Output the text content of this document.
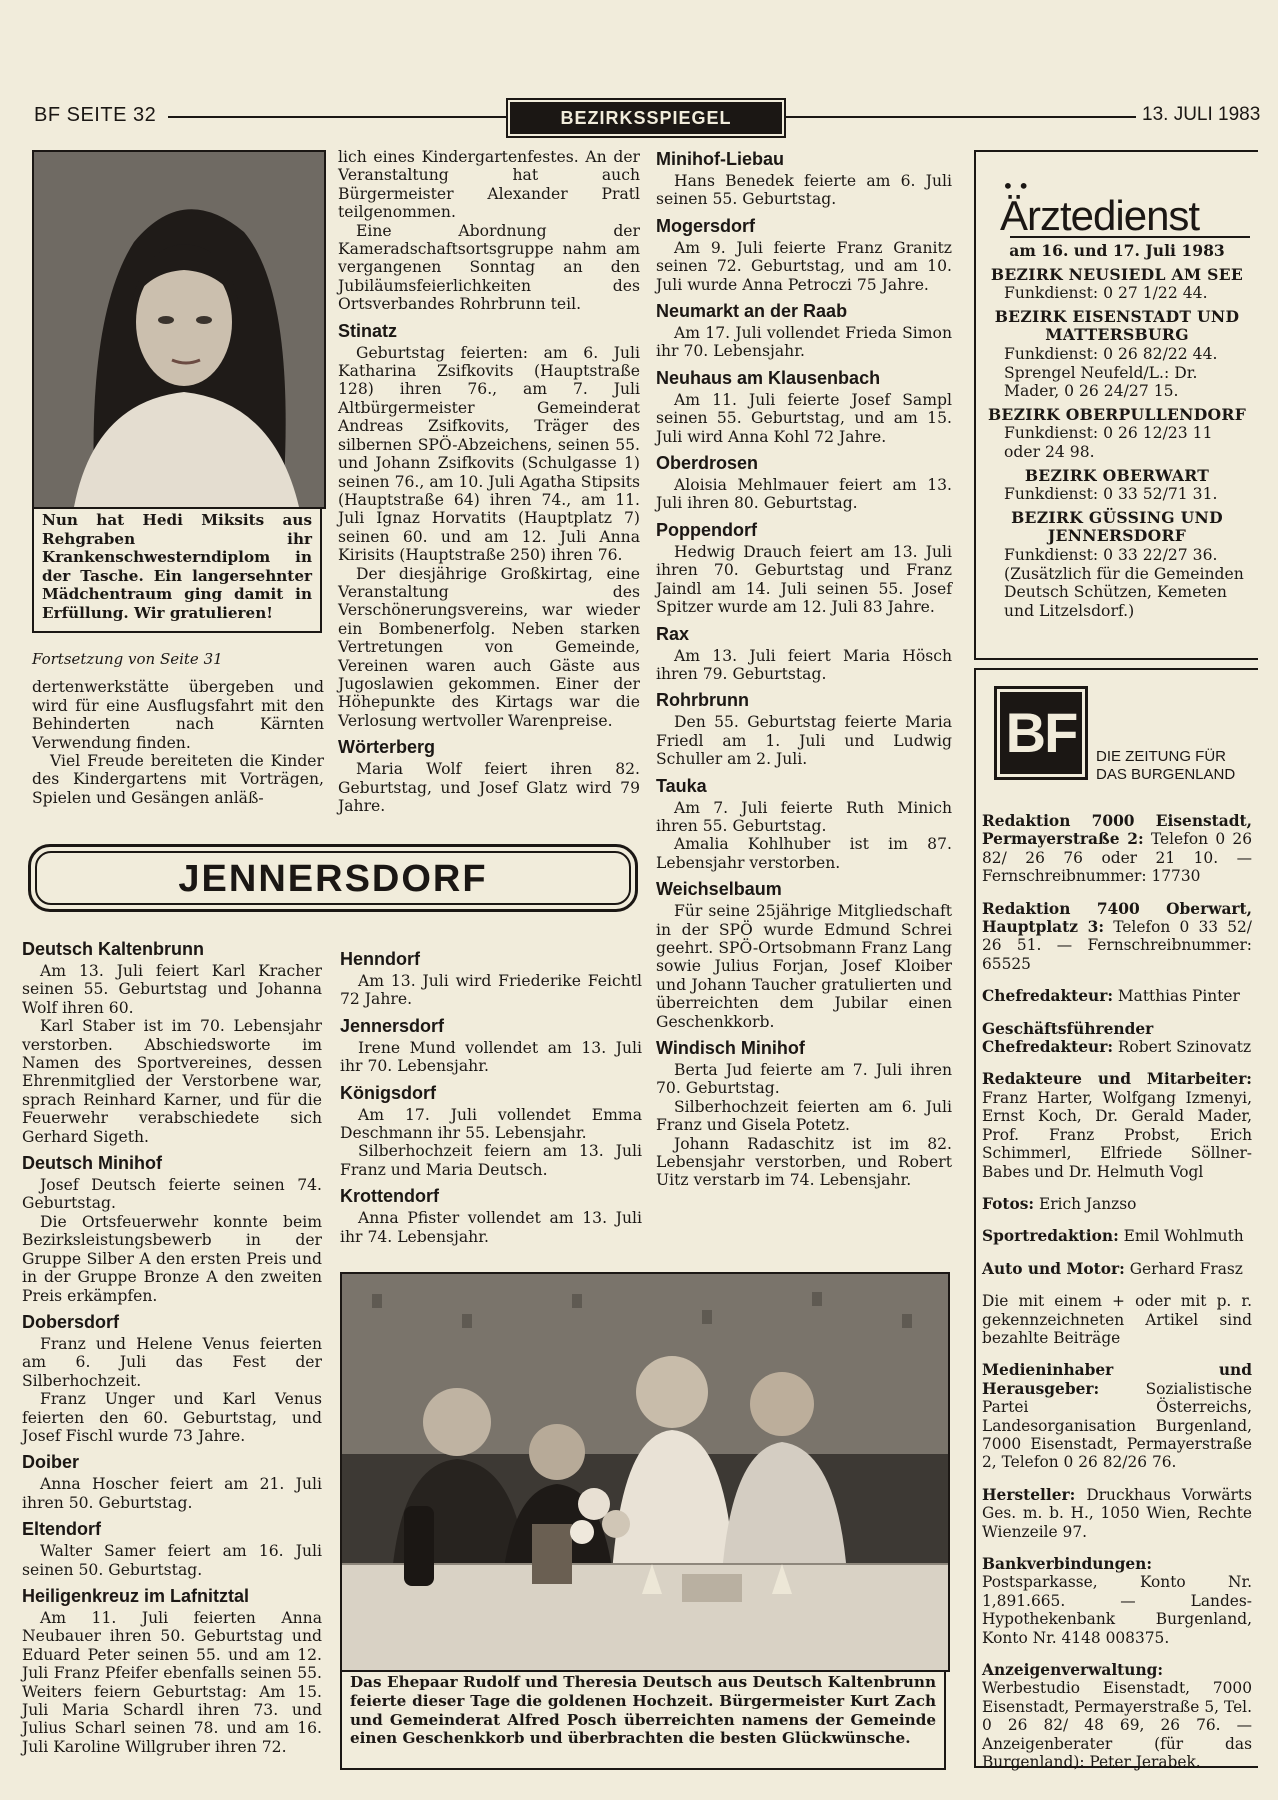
BF SEITE 32	BEZIRKSSPIEGEL	13. JULI 1983
Nun hat Hedi Miksits aus Rehgraben ihr Krankenschwesterndiplom in der Tasche. Ein langersehnter Mädchentraum ging damit in Erfüllung. Wir gratulieren!
Fortsetzung von Seite 31

dertenwerkstätte übergeben und wird für eine Ausflugsfahrt mit den Behinderten nach Kärnten Verwendung finden.

Viel Freude bereiteten die Kinder des Kindergartens mit Vorträgen, Spielen und Gesängen anläß-

lich eines Kindergartenfestes. An der Veranstaltung hat auch Bürgermeister Alexander Pratl teilgenommen.

Eine Abordnung der Kameradschaftsortsgruppe nahm am vergangenen Sonntag an den Jubiläumsfeierlichkeiten des Ortsverbandes Rohrbrunn teil.

Stinatz

Geburtstag feierten: am 6. Juli Katharina Zsifkovits (Hauptstraße 128) ihren 76., am 7. Juli Altbürgermeister Gemeinderat Andreas Zsifkovits, Träger des silbernen SPÖ-Abzeichens, seinen 55. und Johann Zsifkovits (Schulgasse 1) seinen 76., am 10. Juli Agatha Stipsits (Hauptstraße 64) ihren 74., am 11. Juli Ignaz Horvatits (Hauptplatz 7) seinen 60. und am 12. Juli Anna Kirisits (Hauptstraße 250) ihren 76.

Der diesjährige Großkirtag, eine Veranstaltung des Verschönerungsvereins, war wieder ein Bombenerfolg. Neben starken Vertretungen von Gemeinde, Vereinen waren auch Gäste aus Jugoslawien gekommen. Einer der Höhepunkte des Kirtags war die Verlosung wertvoller Warenpreise.

Wörterberg

Maria Wolf feiert ihren 82. Geburtstag, und Josef Glatz wird 79 Jahre.

Minihof-Liebau

Hans Benedek feierte am 6. Juli seinen 55. Geburtstag.

Mogersdorf

Am 9. Juli feierte Franz Granitz seinen 72. Geburtstag, und am 10. Juli wurde Anna Petroczi 75 Jahre.

Neumarkt an der Raab

Am 17. Juli vollendet Frieda Simon ihr 70. Lebensjahr.

Neuhaus am Klausenbach

Am 11. Juli feierte Josef Sampl seinen 55. Geburtstag, und am 15. Juli wird Anna Kohl 72 Jahre.

Oberdrosen

Aloisia Mehlmauer feiert am 13. Juli ihren 80. Geburtstag.

Poppendorf

Hedwig Drauch feiert am 13. Juli ihren 70. Geburtstag und Franz Jaindl am 14. Juli seinen 55. Josef Spitzer wurde am 12. Juli 83 Jahre.

Rax

Am 13. Juli feiert Maria Hösch ihren 79. Geburtstag.

Rohrbrunn

Den 55. Geburtstag feierte Maria Friedl am 1. Juli und Ludwig Schuller am 2. Juli.

Tauka

Am 7. Juli feierte Ruth Minich ihren 55. Geburtstag.

Amalia Kohlhuber ist im 87. Lebensjahr verstorben.

Weichselbaum

Für seine 25jährige Mitgliedschaft in der SPÖ wurde Edmund Schrei geehrt. SPÖ-Ortsobmann Franz Lang sowie Julius Forjan, Josef Kloiber und Johann Taucher gratulierten und überreichten dem Jubilar einen Geschenkkorb.

Windisch Minihof

Berta Jud feierte am 7. Juli ihren 70. Geburtstag.

Silberhochzeit feierten am 6. Juli Franz und Gisela Potetz.

Johann Radaschitz ist im 82. Lebensjahr verstorben, und Robert Uitz verstarb im 74. Lebensjahr.

JENNERSDORF
Deutsch Kaltenbrunn

Am 13. Juli feiert Karl Kracher seinen 55. Geburtstag und Johanna Wolf ihren 60.

Karl Staber ist im 70. Lebensjahr verstorben. Abschiedsworte im Namen des Sportvereines, dessen Ehrenmitglied der Verstorbene war, sprach Reinhard Karner, und für die Feuerwehr verabschiedete sich Gerhard Sigeth.

Deutsch Minihof

Josef Deutsch feierte seinen 74. Geburtstag.

Die Ortsfeuerwehr konnte beim Bezirksleistungsbewerb in der Gruppe Silber A den ersten Preis und in der Gruppe Bronze A den zweiten Preis erkämpfen.

Dobersdorf

Franz und Helene Venus feierten am 6. Juli das Fest der Silberhochzeit.

Franz Unger und Karl Venus feierten den 60. Geburtstag, und Josef Fischl wurde 73 Jahre.

Doiber

Anna Hoscher feiert am 21. Juli ihren 50. Geburtstag.

Eltendorf

Walter Samer feiert am 16. Juli seinen 50. Geburtstag.

Heiligenkreuz im Lafnitztal

Am 11. Juli feierten Anna Neubauer ihren 50. Geburtstag und Eduard Peter seinen 55. und am 12. Juli Franz Pfeifer ebenfalls seinen 55. Weiters feiern Geburtstag: Am 15. Juli Maria Schardl ihren 73. und Julius Scharl seinen 78. und am 16. Juli Karoline Willgruber ihren 72.

Henndorf

Am 13. Juli wird Friederike Feichtl 72 Jahre.

Jennersdorf

Irene Mund vollendet am 13. Juli ihr 70. Lebensjahr.

Königsdorf

Am 17. Juli vollendet Emma Deschmann ihr 55. Lebensjahr.

Silberhochzeit feiern am 13. Juli Franz und Maria Deutsch.

Krottendorf

Anna Pfister vollendet am 13. Juli ihr 74. Lebensjahr.

Das Ehepaar Rudolf und Theresia Deutsch aus Deutsch Kaltenbrunn feierte dieser Tage die goldenen Hochzeit. Bürgermeister Kurt Zach und Gemeinderat Alfred Posch überreichten namens der Gemeinde einen Geschenkkorb und überbrachten die besten Glückwünsche.
••
Ärztedienst
am 16. und 17. Juli 1983
BEZIRK NEUSIEDL AM SEE
Funkdienst: 0 27 1/22 44.
BEZIRK EISENSTADT UND MATTERSBURG
Funkdienst: 0 26 82/22 44.
Sprengel Neufeld/L.: Dr. Mader, 0 26 24/27 15.
BEZIRK OBERPULLENDORF
Funkdienst: 0 26 12/23 11 oder 24 98.
BEZIRK OBERWART
Funkdienst: 0 33 52/71 31.
BEZIRK GÜSSING UND JENNERSDORF
Funkdienst: 0 33 22/27 36.
(Zusätzlich für die Gemeinden Deutsch Schützen, Kemeten und Litzelsdorf.)
BF	DIE ZEITUNG FÜR
DAS BURGENLAND

Redaktion 7000 Eisenstadt, Permayerstraße 2: Telefon 0 26 82/ 26 76 oder 21 10. — Fernschreibnummer: 17730

Redaktion 7400 Oberwart, Hauptplatz 3: Telefon 0 33 52/ 26 51. — Fernschreibnummer: 65525

Chefredakteur: Matthias Pinter

Geschäftsführender Chefredakteur: Robert Szinovatz

Redakteure und Mitarbeiter: Franz Harter, Wolfgang Izmenyi, Ernst Koch, Dr. Gerald Mader, Prof. Franz Probst, Erich Schimmerl, Elfriede Söllner-Babes und Dr. Helmuth Vogl

Fotos: Erich Janzso

Sportredaktion: Emil Wohlmuth

Auto und Motor: Gerhard Frasz

Die mit einem + oder mit p. r. gekennzeichneten Artikel sind bezahlte Beiträge

Medieninhaber und Herausgeber: Sozialistische Partei Österreichs, Landesorganisation Burgenland, 7000 Eisenstadt, Permayerstraße 2, Telefon 0 26 82/26 76.

Hersteller: Druckhaus Vorwärts Ges. m. b. H., 1050 Wien, Rechte Wienzeile 97.

Bankverbindungen: Postsparkasse, Konto Nr. 1,891.665. — Landes-Hypothekenbank Burgenland, Konto Nr. 4148 008375.

Anzeigenverwaltung: Werbestudio Eisenstadt, 7000 Eisenstadt, Permayerstraße 5, Tel. 0 26 82/ 48 69, 26 76. — Anzeigenberater (für das Burgenland): Peter Jerabek.
